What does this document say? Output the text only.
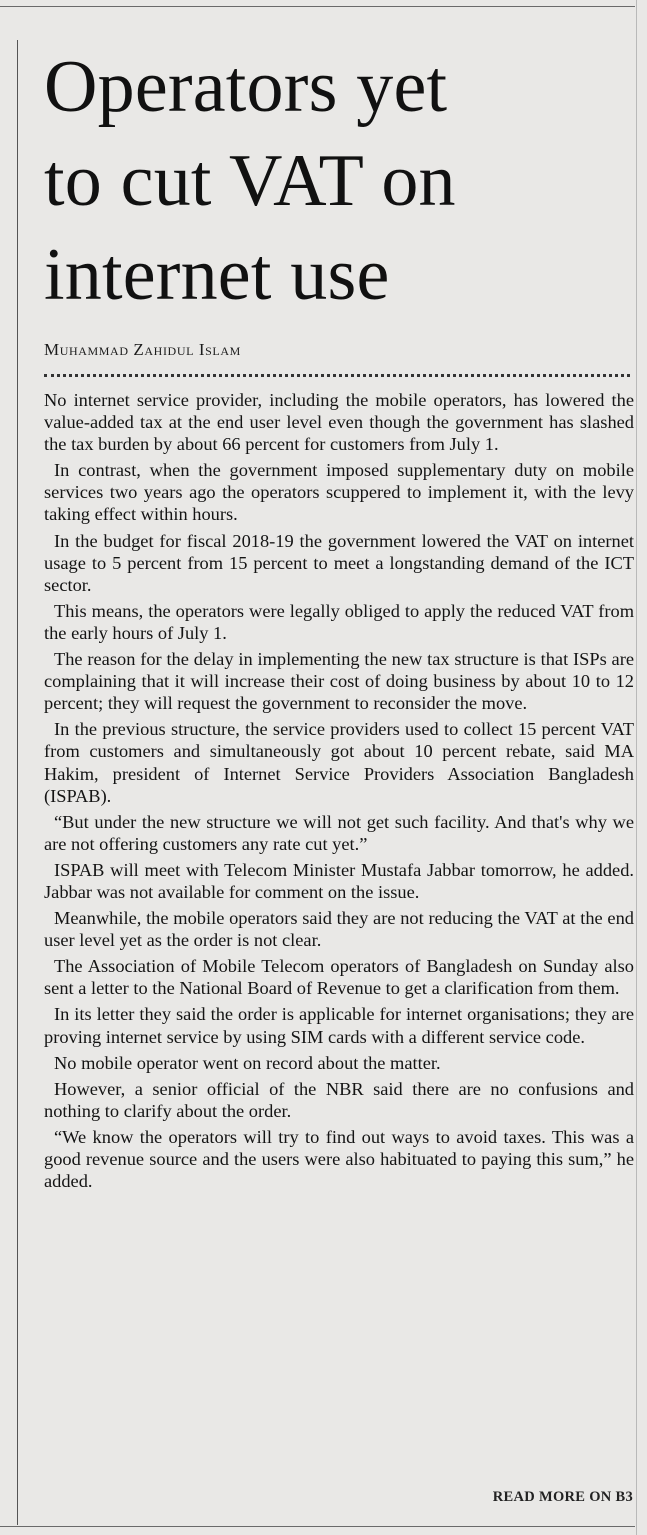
Operators yet
to cut VAT on
internet use

Muhammad Zahidul Islam

No internet service provider, including the mobile operators, has lowered the value-added tax at the end user level even though the government has slashed the tax burden by about 66 percent for customers from July 1.

In contrast, when the government imposed supplementary duty on mobile services two years ago the operators scuppered to implement it, with the levy taking effect within hours.

In the budget for fiscal 2018-19 the government lowered the VAT on internet usage to 5 percent from 15 percent to meet a longstanding demand of the ICT sector.

This means, the operators were legally obliged to apply the reduced VAT from the early hours of July 1.

The reason for the delay in implementing the new tax structure is that ISPs are complaining that it will increase their cost of doing business by about 10 to 12 percent; they will request the government to reconsider the move.

In the previous structure, the service providers used to collect 15 percent VAT from customers and simultaneously got about 10 percent rebate, said MA Hakim, president of Internet Service Providers Association Bangladesh (ISPAB).

“But under the new structure we will not get such facility. And that's why we are not offering customers any rate cut yet.”

ISPAB will meet with Telecom Minister Mustafa Jabbar tomorrow, he added. Jabbar was not available for comment on the issue.

Meanwhile, the mobile operators said they are not reducing the VAT at the end user level yet as the order is not clear.

The Association of Mobile Telecom operators of Bangladesh on Sunday also sent a letter to the National Board of Revenue to get a clarification from them.

In its letter they said the order is applicable for internet organisations; they are proving internet service by using SIM cards with a different service code.

No mobile operator went on record about the matter.

However, a senior official of the NBR said there are no confusions and nothing to clarify about the order.

“We know the operators will try to find out ways to avoid taxes. This was a good revenue source and the users were also habituated to paying this sum,” he added.

READ MORE ON B3
